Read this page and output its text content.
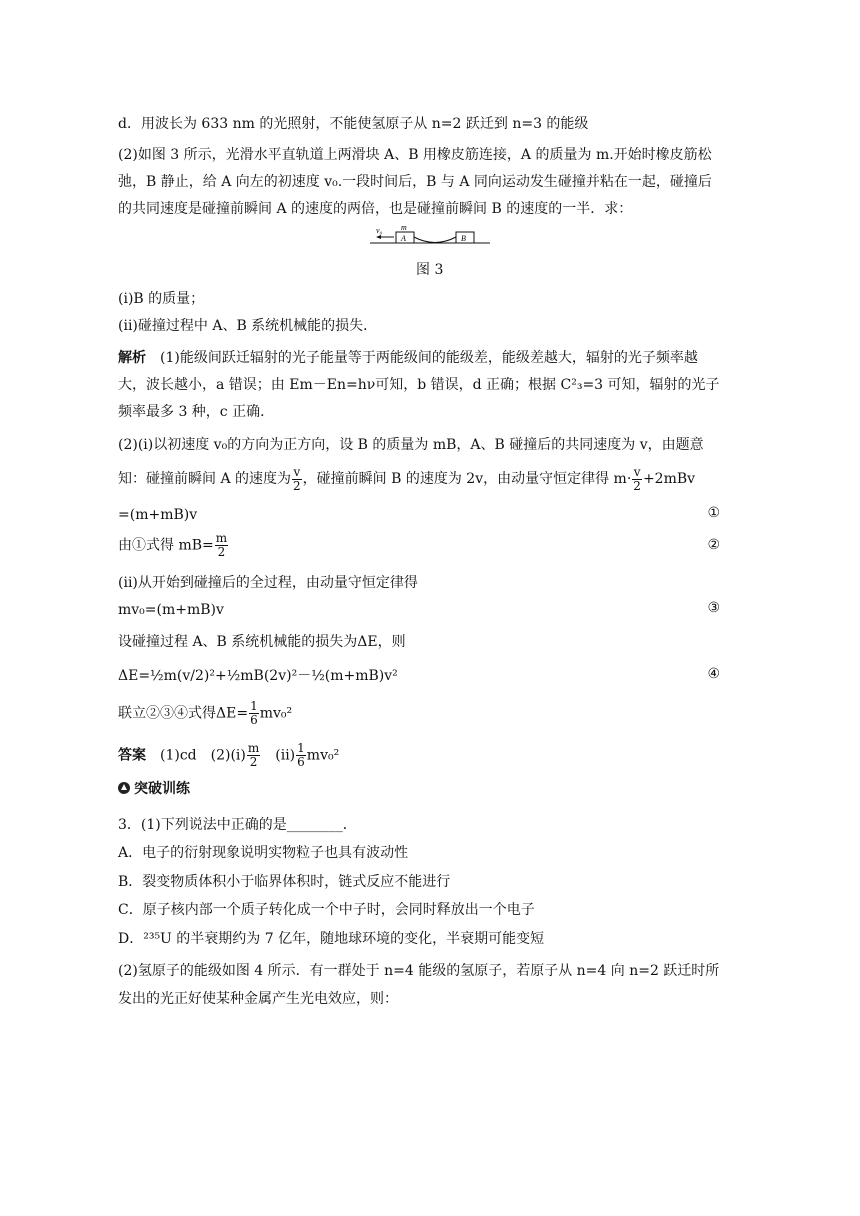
d．用波长为 633 nm 的光照射，不能使氢原子从 n=2 跃迁到 n=3 的能级
(2)如图 3 所示，光滑水平直轨道上两滑块 A、B 用橡皮筋连接，A 的质量为 m.开始时橡皮筋松弛，B 静止，给 A 向左的初速度 v₀.一段时间后，B 与 A 同向运动发生碰撞并粘在一起，碰撞后的共同速度是碰撞前瞬间 A 的速度的两倍，也是碰撞前瞬间 B 的速度的一半．求：
v₀ m
A	B
图 3
(ⅰ)B 的质量；
(ⅱ)碰撞过程中 A、B 系统机械能的损失．
解析　 (1)能级间跃迁辐射的光子能量等于两能级间的能级差，能级差越大，辐射的光子频率越大，波长越小，a 错误；由 Em－En=hν可知，b 错误，d 正确；根据 C²₃=3 可知，辐射的光子频率最多 3 种，c 正确．
(2)(ⅰ)以初速度 v₀的方向为正方向，设 B 的质量为 mB，A、B 碰撞后的共同速度为 v，由题意知：碰撞前瞬间 A 的速度为 $\frac{v}{2}$ ，碰撞前瞬间 B 的速度为 2v，由动量守恒定律得 $m\cdot \frac{v}{2} +2mBv$
=(m+mB)v	①
由①式得 $mB= \frac{m}{2}$	②
(ⅱ)从开始到碰撞后的全过程，由动量守恒定律得
mv₀=(m+mB)v	③
设碰撞过程 A、B 系统机械能的损失为ΔE，则
ΔE=½m(v/2)²+½mB(2v)²－½(m+mB)v²	④
联立②③④式得$\Delta E= \frac{1}{6} mv_0^2$
答案　 (1)cd　(2)(ⅰ) $\frac{m}{2}$ 　(ⅱ) $\frac{1}{6} mv_0^2$
突破训练
3．(1)下列说法中正确的是________．
A．电子的衍射现象说明实物粒子也具有波动性
B．裂变物质体积小于临界体积时，链式反应不能进行
C．原子核内部一个质子转化成一个中子时，会同时释放出一个电子
D．²³⁵U 的半衰期约为 7 亿年，随地球环境的变化，半衰期可能变短
(2)氢原子的能级如图 4 所示．有一群处于 n=4 能级的氢原子，若原子从 n=4 向 n=2 跃迁时所发出的光正好使某种金属产生光电效应，则：
